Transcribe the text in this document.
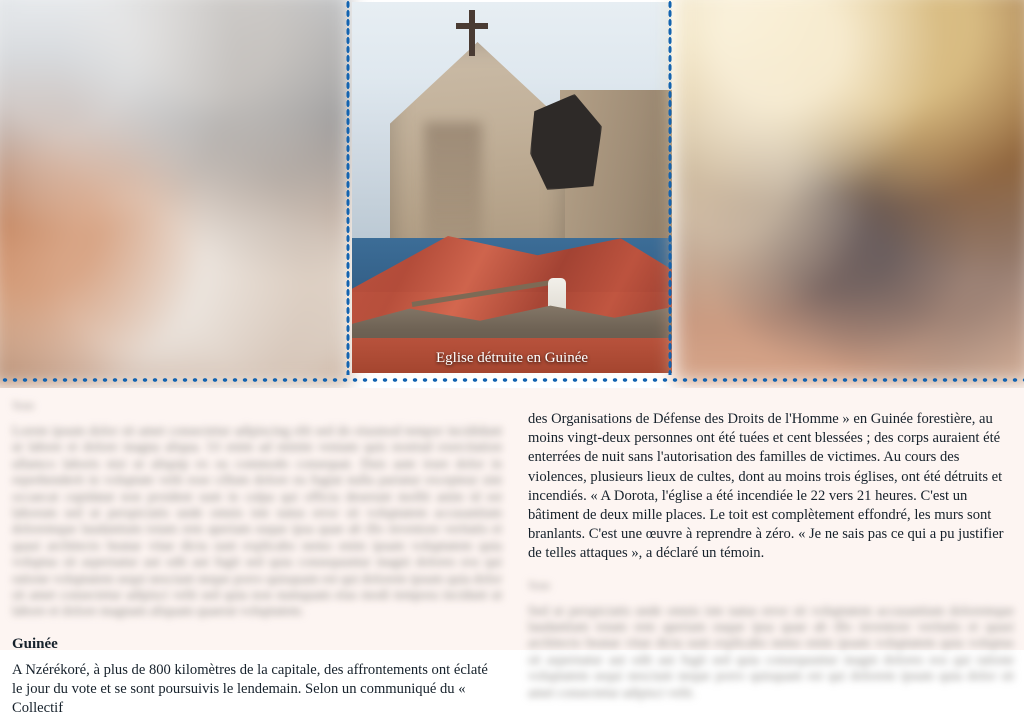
Eglise détruite en Guinée
Texte
Lorem ipsum dolor sit amet consectetur adipiscing elit sed do eiusmod tempor incididunt ut labore et dolore magna aliqua. Ut enim ad minim veniam quis nostrud exercitation ullamco laboris nisi ut aliquip ex ea commodo consequat. Duis aute irure dolor in reprehenderit in voluptate velit esse cillum dolore eu fugiat nulla pariatur excepteur sint occaecat cupidatat non proident sunt in culpa qui officia deserunt mollit anim id est laborum sed ut perspiciatis unde omnis iste natus error sit voluptatem accusantium doloremque laudantium totam rem aperiam eaque ipsa quae ab illo inventore veritatis et quasi architecto beatae vitae dicta sunt explicabo nemo enim ipsam voluptatem quia voluptas sit aspernatur aut odit aut fugit sed quia consequuntur magni dolores eos qui ratione voluptatem sequi nesciunt neque porro quisquam est qui dolorem ipsum quia dolor sit amet consectetur adipisci velit sed quia non numquam eius modi tempora incidunt ut labore et dolore magnam aliquam quaerat voluptatem.
Guinée
A Nzérékoré, à plus de 800 kilomètres de la capitale, des affrontements ont éclaté le jour du vote et se sont poursuivis le lendemain. Selon un communiqué du « Collectif
des Organisations de Défense des Droits de l'Homme » en Guinée forestière, au moins vingt-deux personnes ont été tuées et cent blessées ; des corps auraient été enterrées de nuit sans l'autorisation des familles de victimes. Au cours des violences, plusieurs lieux de cultes, dont au moins trois églises, ont été détruits et incendiés. « A Dorota, l'église a été incendiée le 22 vers 21 heures. C'est un bâtiment de deux mille places. Le toit est complètement effondré, les murs sont branlants. C'est une œuvre à reprendre à zéro. « Je ne sais pas ce qui a pu justifier de telles attaques », a déclaré un témoin.
Texte
Sed ut perspiciatis unde omnis iste natus error sit voluptatem accusantium doloremque laudantium totam rem aperiam eaque ipsa quae ab illo inventore veritatis et quasi architecto beatae vitae dicta sunt explicabo nemo enim ipsam voluptatem quia voluptas sit aspernatur aut odit aut fugit sed quia consequuntur magni dolores eos qui ratione voluptatem sequi nesciunt neque porro quisquam est qui dolorem ipsum quia dolor sit amet consectetur adipisci velit.
